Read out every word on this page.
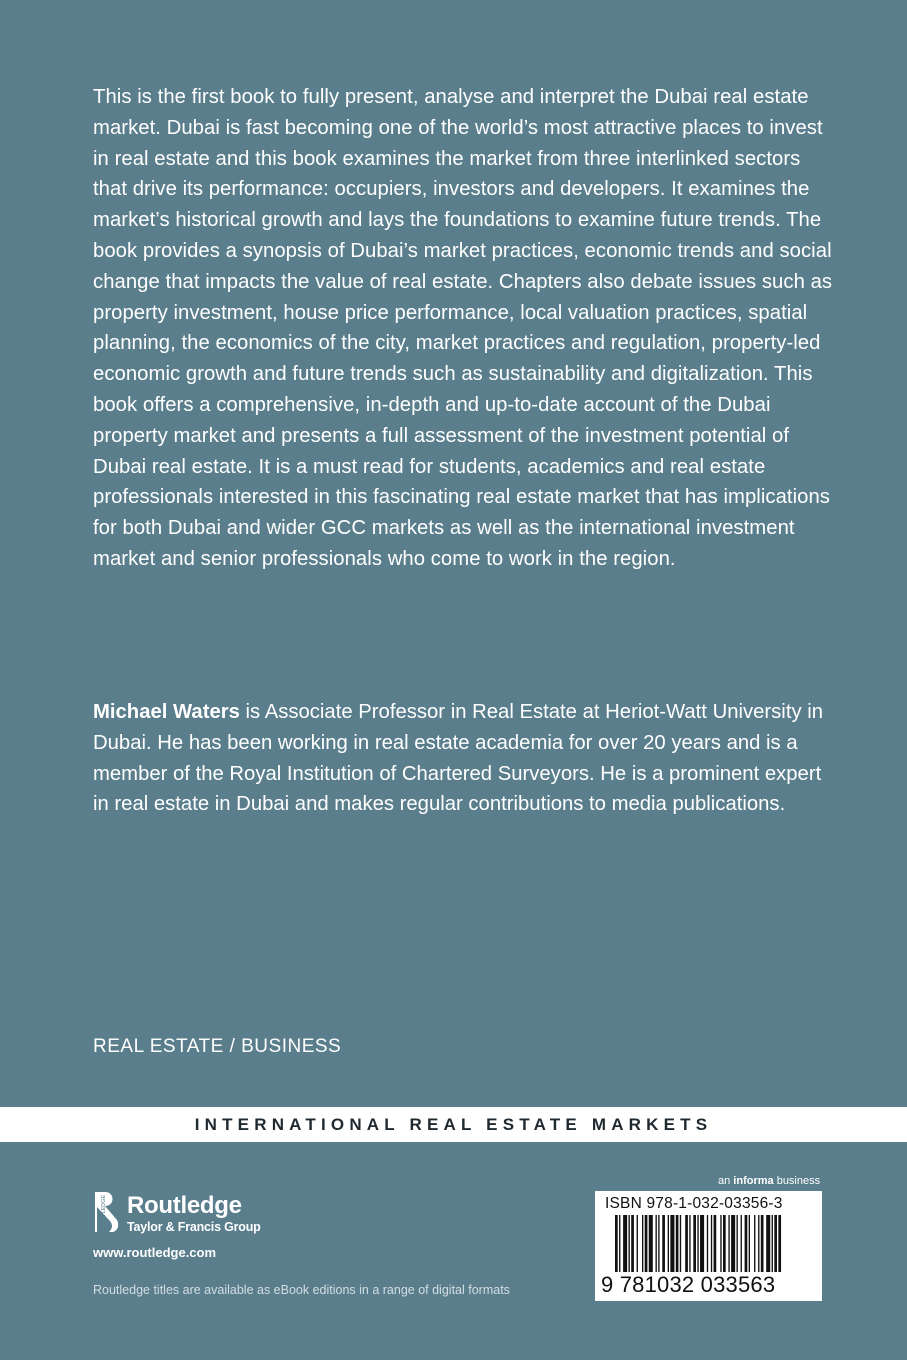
This is the first book to fully present, analyse and interpret the Dubai real estate market. Dubai is fast becoming one of the world’s most attractive places to invest in real estate and this book examines the market from three interlinked sectors that drive its performance: occupiers, investors and developers. It examines the market’s historical growth and lays the foundations to examine future trends. The book provides a synopsis of Dubai’s market practices, economic trends and social change that impacts the value of real estate. Chapters also debate issues such as property investment, house price performance, local valuation practices, spatial planning, the economics of the city, market practices and regulation, property-led economic growth and future trends such as sustainability and digitalization. This book offers a comprehensive, in-depth and up-to-date account of the Dubai property market and presents a full assessment of the investment potential of Dubai real estate. It is a must read for students, academics and real estate professionals interested in this fascinating real estate market that has implications for both Dubai and wider GCC markets as well as the international investment market and senior professionals who come to work in the region.

Michael Waters is Associate Professor in Real Estate at Heriot-Watt University in Dubai. He has been working in real estate academia for over 20 years and is a member of the Royal Institution of Chartered Surveyors. He is a prominent expert in real estate in Dubai and makes regular contributions to media publications.

REAL ESTATE / BUSINESS
INTERNATIONAL REAL ESTATE MARKETS
ROUTLEDGE Routledge
Taylor & Francis Group
www.routledge.com
Routledge titles are available as eBook editions in a range of digital formats
an informa business
ISBN 978-1-032-03356-3
9 781032 033563
